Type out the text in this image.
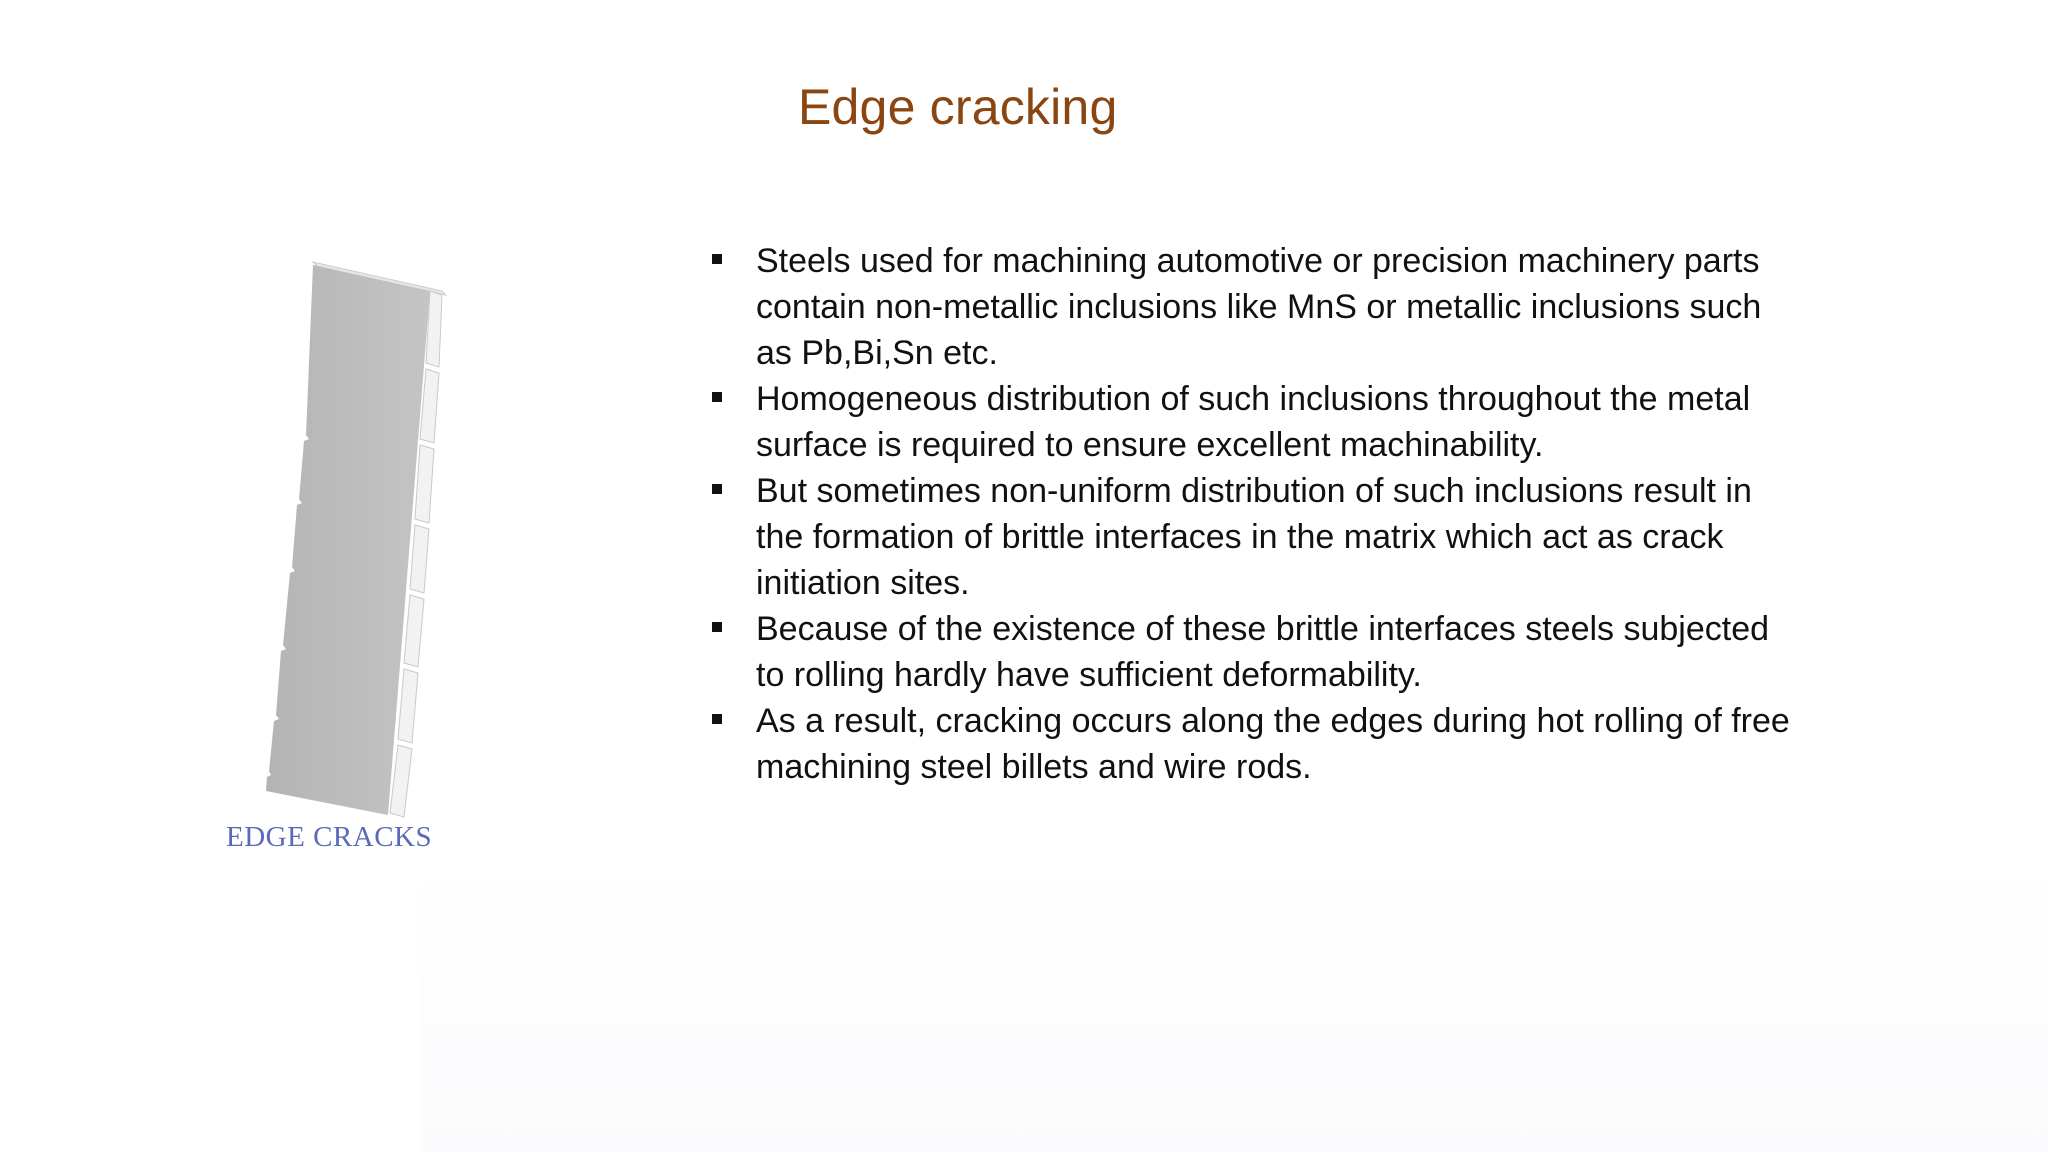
Edge cracking
Steels used for machining automotive or precision machinery parts contain non-metallic inclusions like MnS or metallic inclusions such as Pb,Bi,Sn etc.
Homogeneous distribution of such inclusions throughout the metal surface is required to ensure excellent machinability.
But sometimes non-uniform distribution of such inclusions result in the formation of brittle interfaces in the matrix which act as crack initiation sites.
Because of the existence of these brittle interfaces steels subjected to rolling hardly have sufficient deformability.
As a result, cracking occurs along the edges during hot rolling of free machining steel billets and wire rods.
EDGE CRACKS
